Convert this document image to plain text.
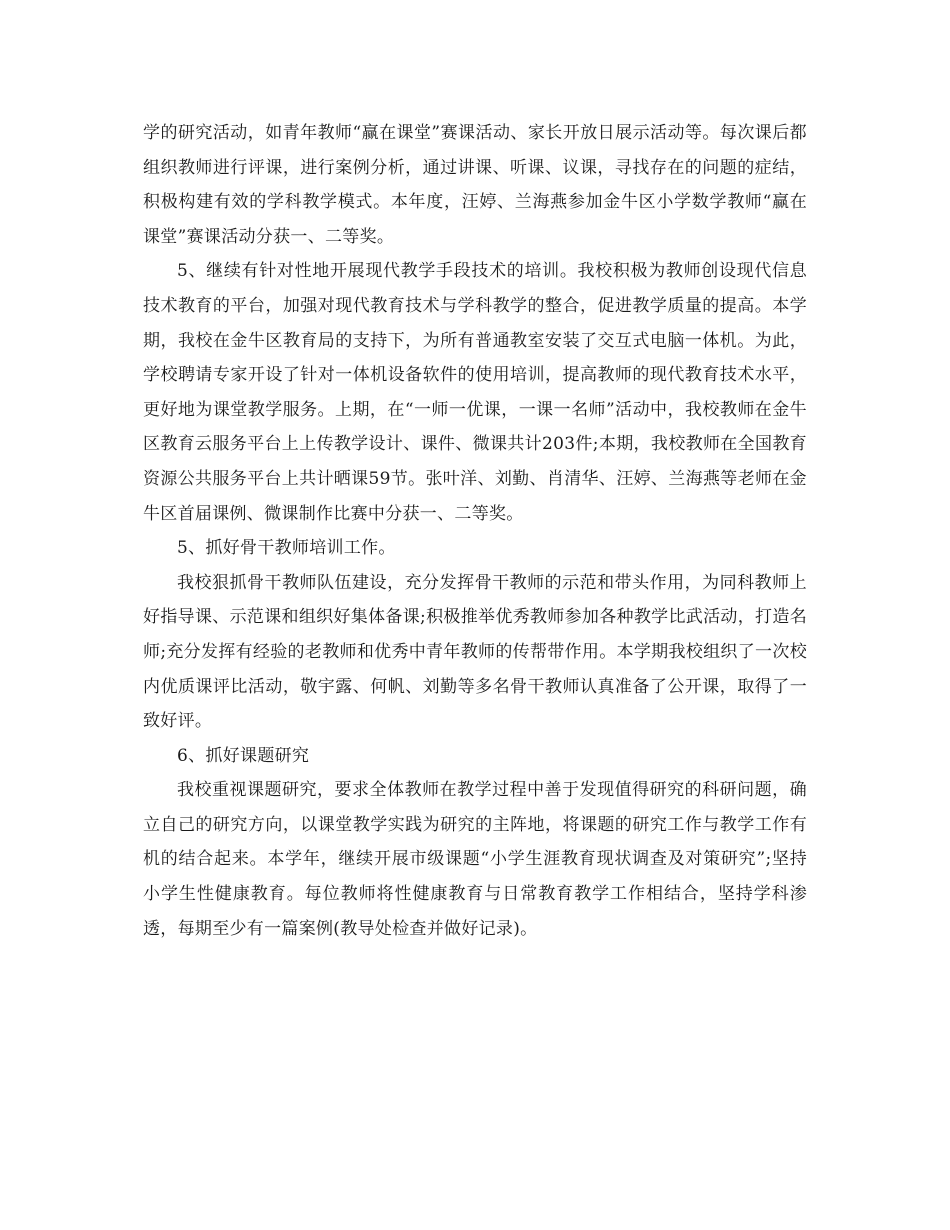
学的研究活动，如青年教师“赢在课堂”赛课活动、家长开放日展示活动等。每次课后都组织教师进行评课，进行案例分析，通过讲课、听课、议课，寻找存在的问题的症结，积极构建有效的学科教学模式。本年度，汪婷、兰海燕参加金牛区小学数学教师“赢在课堂”赛课活动分获一、二等奖。

5、继续有针对性地开展现代教学手段技术的培训。我校积极为教师创设现代信息技术教育的平台，加强对现代教育技术与学科教学的整合，促进教学质量的提高。本学期，我校在金牛区教育局的支持下，为所有普通教室安装了交互式电脑一体机。为此，学校聘请专家开设了针对一体机设备软件的使用培训，提高教师的现代教育技术水平，更好地为课堂教学服务。上期，在“一师一优课，一课一名师”活动中，我校教师在金牛区教育云服务平台上上传教学设计、课件、微课共计203件;本期，我校教师在全国教育资源公共服务平台上共计晒课59节。张叶洋、刘勤、肖清华、汪婷、兰海燕等老师在金牛区首届课例、微课制作比赛中分获一、二等奖。

5、抓好骨干教师培训工作。

我校狠抓骨干教师队伍建设，充分发挥骨干教师的示范和带头作用，为同科教师上好指导课、示范课和组织好集体备课;积极推举优秀教师参加各种教学比武活动，打造名师;充分发挥有经验的老教师和优秀中青年教师的传帮带作用。本学期我校组织了一次校内优质课评比活动，敬宇露、何帆、刘勤等多名骨干教师认真准备了公开课，取得了一致好评。

6、抓好课题研究

我校重视课题研究，要求全体教师在教学过程中善于发现值得研究的科研问题，确立自己的研究方向，以课堂教学实践为研究的主阵地，将课题的研究工作与教学工作有机的结合起来。本学年，继续开展市级课题“小学生涯教育现状调查及对策研究”;坚持小学生性健康教育。每位教师将性健康教育与日常教育教学工作相结合，坚持学科渗透，每期至少有一篇案例(教导处检查并做好记录)。
